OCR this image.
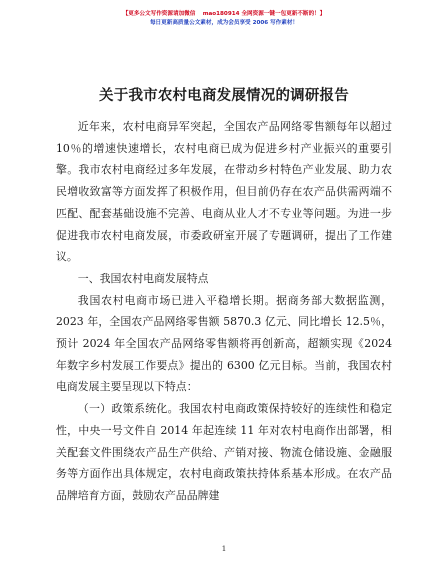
【更多公文写作资源请加微信 ㅤmao180914 全网资源一键一包更新不断的！】
每日更新高质量公文素材，成为会员享受 2006 写作素材！
关于我市农村电商发展情况的调研报告

近年来，农村电商异军突起，全国农产品网络零售额每年以超过 10％的增速快速增长，农村电商已成为促进乡村产业振兴的重要引擎。我市农村电商经过多年发展，在带动乡村特色产业发展、助力农民增收致富等方面发挥了积极作用，但目前仍存在农产品供需两端不匹配、配套基础设施不完善、电商从业人才不专业等问题。为进一步促进我市农村电商发展，市委政研室开展了专题调研，提出了工作建议。

一、我国农村电商发展特点

我国农村电商市场已进入平稳增长期。据商务部大数据监测，2023 年，全国农产品网络零售额 5870.3 亿元、同比增长 12.5％，预计 2024 年全国农产品网络零售额将再创新高，超额实现《2024 年数字乡村发展工作要点》提出的 6300 亿元目标。当前，我国农村电商发展主要呈现以下特点：

（一）政策系统化。我国农村电商政策保持较好的连续性和稳定性，中央一号文件自 2014 年起连续 11 年对农村电商作出部署，相关配套文件围绕农产品生产供给、产销对接、物流仓储设施、金融服务等方面作出具体规定，农村电商政策扶持体系基本形成。在农产品品牌培育方面，鼓励农产品品牌建

1
